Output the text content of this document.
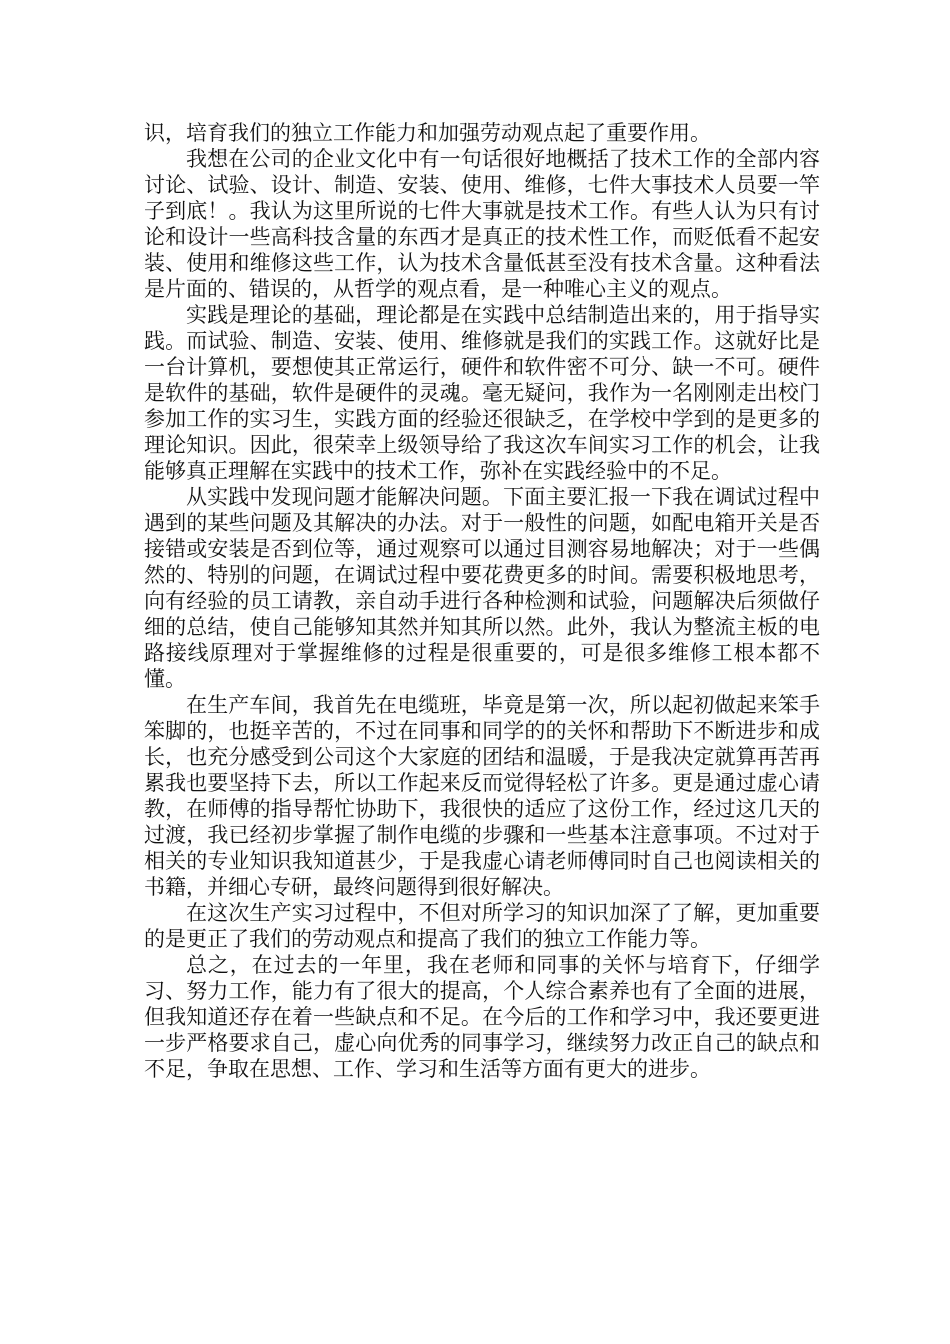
识，培育我们的独立工作能力和加强劳动观点起了重要作用。

我想在公司的企业文化中有一句话很好地概括了技术工作的全部内容讨论、试验、设计、制造、安装、使用、维修，七件大事技术人员要一竿子到底！。我认为这里所说的七件大事就是技术工作。有些人认为只有讨论和设计一些高科技含量的东西才是真正的技术性工作，而贬低看不起安装、使用和维修这些工作，认为技术含量低甚至没有技术含量。这种看法是片面的、错误的，从哲学的观点看，是一种唯心主义的观点。

实践是理论的基础，理论都是在实践中总结制造出来的，用于指导实践。而试验、制造、安装、使用、维修就是我们的实践工作。这就好比是一台计算机，要想使其正常运行，硬件和软件密不可分、缺一不可。硬件是软件的基础，软件是硬件的灵魂。毫无疑问，我作为一名刚刚走出校门参加工作的实习生，实践方面的经验还很缺乏，在学校中学到的是更多的理论知识。因此，很荣幸上级领导给了我这次车间实习工作的机会，让我能够真正理解在实践中的技术工作，弥补在实践经验中的不足。

从实践中发现问题才能解决问题。下面主要汇报一下我在调试过程中遇到的某些问题及其解决的办法。对于一般性的问题，如配电箱开关是否接错或安装是否到位等，通过观察可以通过目测容易地解决；对于一些偶然的、特别的问题，在调试过程中要花费更多的时间。需要积极地思考，向有经验的员工请教，亲自动手进行各种检测和试验，问题解决后须做仔细的总结，使自己能够知其然并知其所以然。此外，我认为整流主板的电路接线原理对于掌握维修的过程是很重要的，可是很多维修工根本都不懂。

在生产车间，我首先在电缆班，毕竟是第一次，所以起初做起来笨手笨脚的，也挺辛苦的，不过在同事和同学的的关怀和帮助下不断进步和成长，也充分感受到公司这个大家庭的团结和温暖，于是我决定就算再苦再累我也要坚持下去，所以工作起来反而觉得轻松了许多。更是通过虚心请教，在师傅的指导帮忙协助下，我很快的适应了这份工作，经过这几天的过渡，我已经初步掌握了制作电缆的步骤和一些基本注意事项。不过对于相关的专业知识我知道甚少，于是我虚心请老师傅同时自己也阅读相关的书籍，并细心专研，最终问题得到很好解决。

在这次生产实习过程中，不但对所学习的知识加深了了解，更加重要的是更正了我们的劳动观点和提高了我们的独立工作能力等。

总之，在过去的一年里，我在老师和同事的关怀与培育下，仔细学习、努力工作，能力有了很大的提高，个人综合素养也有了全面的进展，但我知道还存在着一些缺点和不足。在今后的工作和学习中，我还要更进一步严格要求自己，虚心向优秀的同事学习，继续努力改正自己的缺点和不足，争取在思想、工作、学习和生活等方面有更大的进步。
